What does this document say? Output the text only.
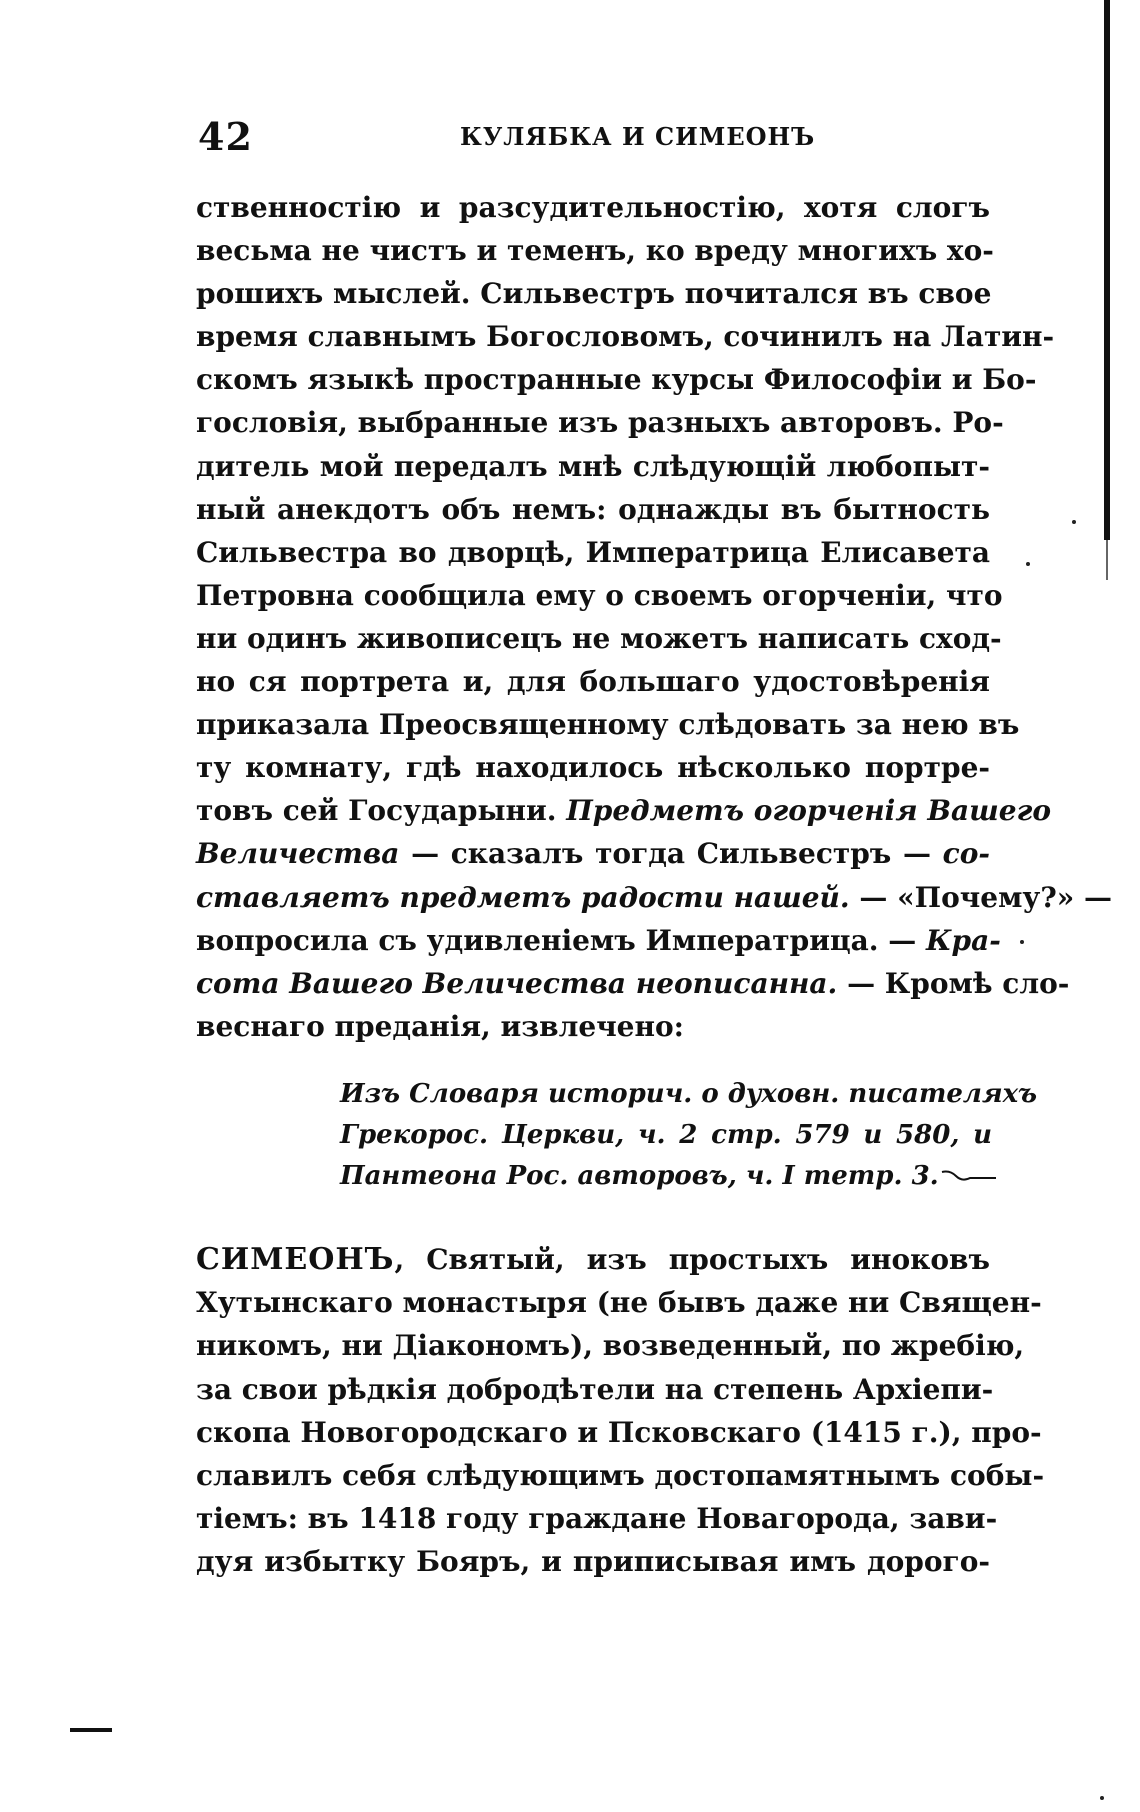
42	КУЛЯБКА И СИМЕОНЪ
ственностію и разсудительностію, хотя слогъ
весьма не чистъ и теменъ, ко вреду многихъ хо-
рошихъ мыслей. Сильвестръ почитался въ свое
время славнымъ Богословомъ, сочинилъ на Латин-
скомъ языкѣ пространные курсы Философіи и Бо-
гословія, выбранные изъ разныхъ авторовъ. Ро-
дитель мой передалъ мнѣ слѣдующій любопыт-
ный анекдотъ объ немъ: однажды въ бытность
Сильвестра во дворцѣ, Императрица Елисавета
Петровна сообщила ему о своемъ огорченіи, что
ни одинъ живописецъ не можетъ написать сход-
но ся портрета и, для большаго удостовѣренія
приказала Преосвященному слѣдовать за нею въ
ту комнату, гдѣ находилось нѣсколько портре-
товъ сей Государыни. Предметъ огорченія Вашего
Величества — сказалъ тогда Сильвестръ — со-
ставляетъ предметъ радости нашей. — «Почему?» —
вопросила съ удивленіемъ Императрица. — Кра-
сота Вашего Величества неописанна. — Кромѣ сло-
веснаго преданія, извлечено:
Изъ Словаря историч. о духовн. писателяхъ
Грекорос. Церкви, ч. 2 стр. 579 и 580, и
Пантеона Рос. авторовъ, ч. I тетр. 3.
СИМЕОНЪ, Святый, изъ простыхъ иноковъ
Хутынскаго монастыря (не бывъ даже ни Священ-
никомъ, ни Діакономъ), возведенный, по жребію,
за свои рѣдкія добродѣтели на степень Архіепи-
скопа Новогородскаго и Псковскаго (1415 г.), про-
славилъ себя слѣдующимъ достопамятнымъ собы-
тіемъ: въ 1418 году граждане Новагорода, зави-
дуя избытку Бояръ, и приписывая имъ дорого-
